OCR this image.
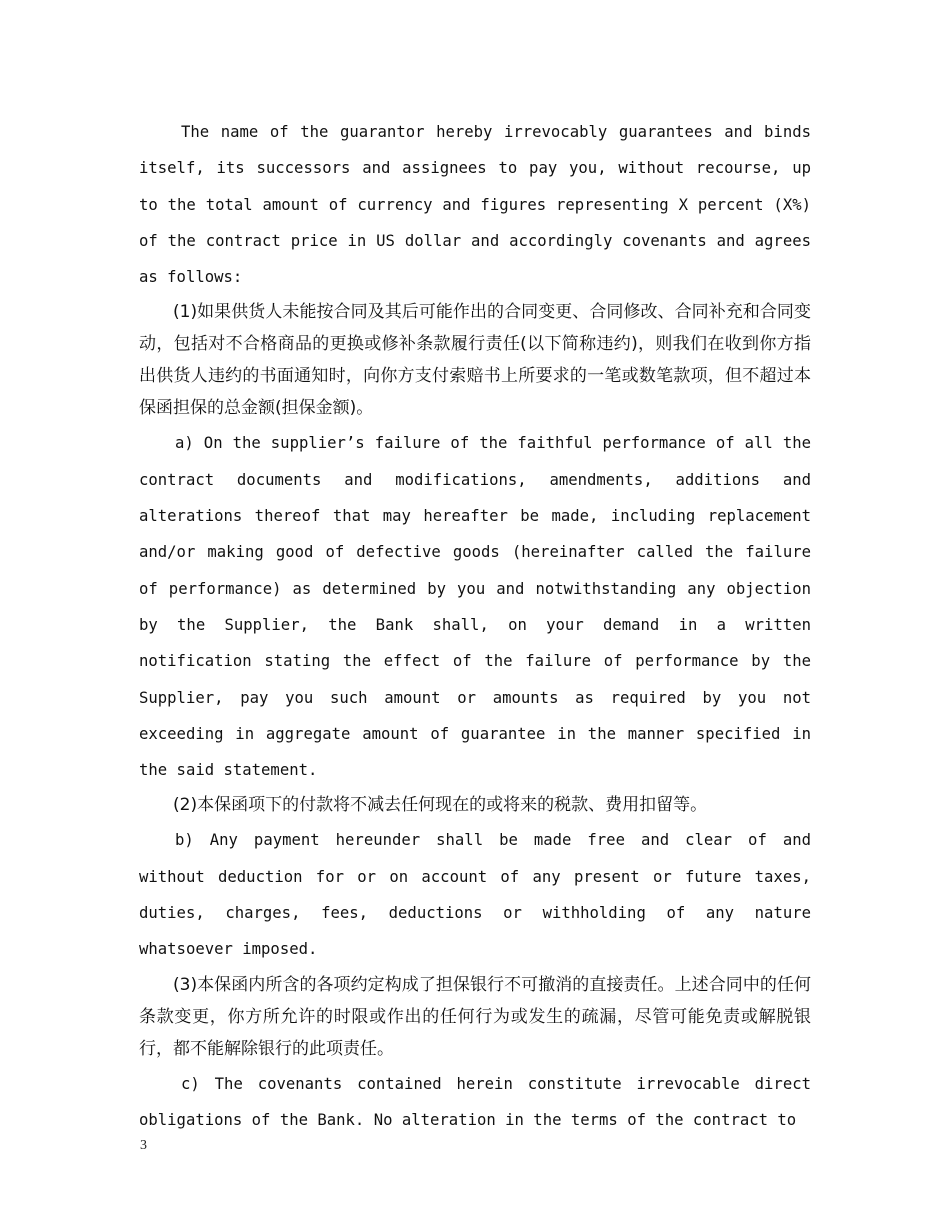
The name of the guarantor hereby irrevocably guarantees and binds itself, its successors and assignees to pay you, without recourse, up to the total amount of currency and figures representing X percent (X%) of the contract price in US dollar and accordingly covenants and agrees as follows:

(1)如果供货人未能按合同及其后可能作出的合同变更、合同修改、合同补充和合同变动，包括对不合格商品的更换或修补条款履行责任(以下简称违约)，则我们在收到你方指出供货人违约的书面通知时，向你方支付索赔书上所要求的一笔或数笔款项，但不超过本保函担保的总金额(担保金额)。

a) On the supplier’s failure of the faithful performance of all the contract documents and modifications, amendments, additions and alterations thereof that may hereafter be made, including replacement and/or making good of defective goods (hereinafter called the failure of performance) as determined by you and notwithstanding any objection by the Supplier, the Bank shall, on your demand in a written notification stating the effect of the failure of performance by the Supplier, pay you such amount or amounts as required by you not exceeding in aggregate amount of guarantee in the manner specified in the said statement.

(2)本保函项下的付款将不减去任何现在的或将来的税款、费用扣留等。

b) Any payment hereunder shall be made free and clear of and without deduction for or on account of any present or future taxes, duties, charges, fees, deductions or withholding of any nature whatsoever imposed.

(3)本保函内所含的各项约定构成了担保银行不可撤消的直接责任。上述合同中的任何条款变更，你方所允许的时限或作出的任何行为或发生的疏漏，尽管可能免责或解脱银行，都不能解除银行的此项责任。

c) The covenants contained herein constitute irrevocable direct obligations of the Bank. No alteration in the terms of the contract to

3
